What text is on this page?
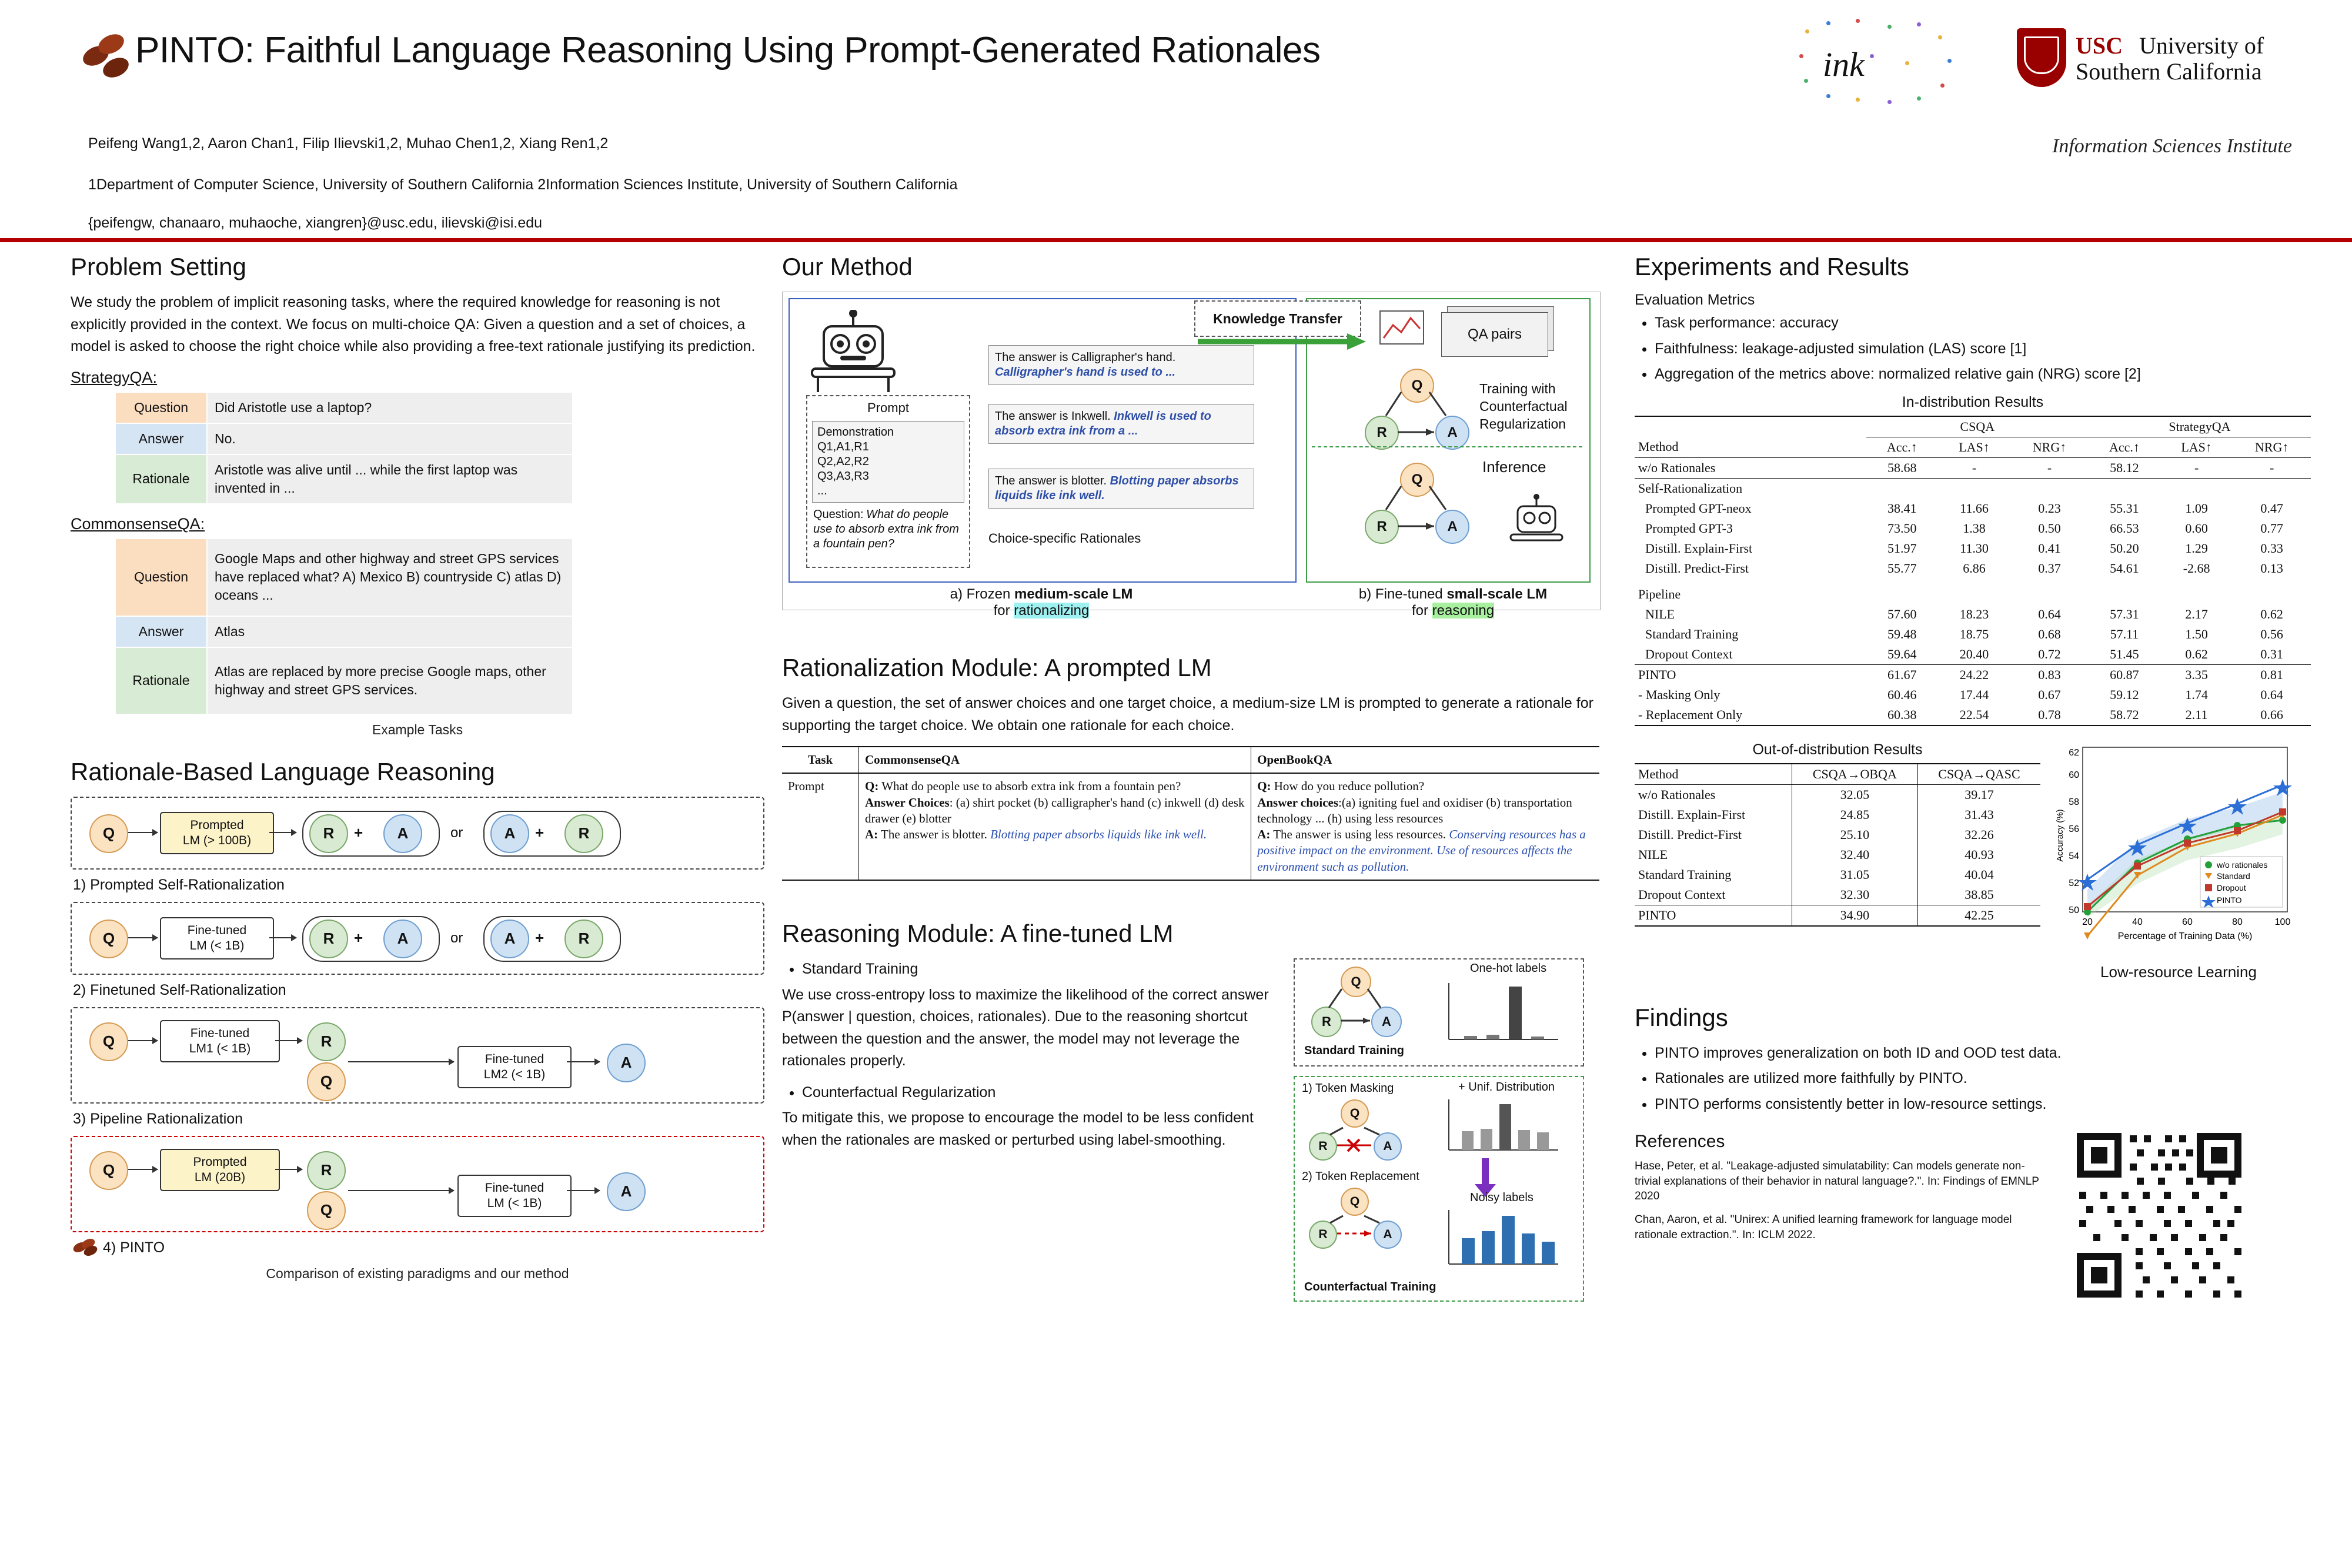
PINTO: Faithful Language Reasoning Using Prompt-Generated Rationales	ink	USC University of
Southern California
Information Sciences Institute
Peifeng Wang1,2, Aaron Chan1, Filip Ilievski1,2, Muhao Chen1,2, Xiang Ren1,2
1Department of Computer Science, University of Southern California 2Information Sciences Institute, University of Southern California
{peifengw, chanaaro, muhaoche, xiangren}@usc.edu, ilievski@isi.edu
Problem Setting

We study the problem of implicit reasoning tasks, where the required knowledge for reasoning is not explicitly provided in the context. We focus on multi-choice QA: Given a question and a set of choices, a model is asked to choose the right choice while also providing a free-text rationale justifying its prediction.

StrategyQA:
Question	Did Aristotle use a laptop?
Answer	No.
Rationale	Aristotle was alive until ... while the first laptop was invented in ...
CommonsenseQA:
Question	Google Maps and other highway and street GPS services have replaced what? A) Mexico B) countryside C) atlas D) oceans ...
Answer	Atlas
Rationale	Atlas are replaced by more precise Google maps, other highway and street GPS services.
Example Tasks
Rationale-Based Language Reasoning
Q	Prompted
LM (> 100B)	R	+	A	or	A	+	R
1) Prompted Self-Rationalization
Q	Fine-tuned
LM (< 1B)	R	+	A	or	A	+	R
2) Finetuned Self-Rationalization
Q	Fine-tuned
LM1 (< 1B)	R
Q
Fine-tuned
LM2 (< 1B)
A
3) Pipeline Rationalization
Q	Prompted
LM (20B)	R
Q
Fine-tuned
LM (< 1B)
A
4) PINTO
Comparison of existing paradigms and our method
Our Method
Prompt
Demonstration
Q1,A1,R1
Q2,A2,R2
Q3,A3,R3
...
Question: What do people use to absorb extra ink from a fountain pen?
The answer is Calligrapher's hand. Calligrapher's hand is used to ...
The answer is Inkwell. Inkwell is used to absorb extra ink from a ...
The answer is blotter. Blotting paper absorbs liquids like ink well.
Choice-specific Rationales
Knowledge Transfer
QA pairs
Q
R	A
Training with
Counterfactual
Regularization
Q
R	A
Inference
a) Frozen medium-scale LM
for rationalizing
b) Fine-tuned small-scale LM
for reasoning
Rationalization Module: A prompted LM

Given a question, the set of answer choices and one target choice, a medium-size LM is prompted to generate a rationale for supporting the target choice. We obtain one rationale for each choice.

Task	CommonsenseQA	OpenBookQA
Prompt	Q: What do people use to absorb extra ink from a fountain pen?
Answer Choices: (a) shirt pocket (b) calligrapher's hand (c) inkwell (d) desk drawer (e) blotter
A: The answer is blotter. Blotting paper absorbs liquids like ink well.	Q: How do you reduce pollution?
Answer choices:(a) igniting fuel and oxidiser (b) transportation technology ... (h) using less resources
A: The answer is using less resources. Conserving resources has a positive impact on the environment. Use of resources affects the environment such as pollution.
Reasoning Module: A fine-tuned LM
• Standard Training

We use cross-entropy loss to maximize the likelihood of the correct answer P(answer | question, choices, rationales). Due to the reasoning shortcut between the question and the answer, the model may not leverage the rationales properly.

• Counterfactual Regularization

To mitigate this, we propose to encourage the model to be less confident when the rationales are masked or perturbed using label-smoothing.

Q
R	A
Standard Training
One-hot labels
1) Token Masking
Q
R	A
2) Token Replacement
Q
R	A
+ Unif. Distribution
Noisy labels
Counterfactual Training
Experiments and Results
Evaluation Metrics
• Task performance: accuracy
• Faithfulness: leakage-adjusted simulation (LAS) score [1]
• Aggregation of the metrics above: normalized relative gain (NRG) score [2]
In-distribution Results
	CSQA			StrategyQA		
Method	Acc.↑	LAS↑	NRG↑	Acc.↑	LAS↑	NRG↑
w/o Rationales	58.68	-	-	58.12	-	-
Self-Rationalization						
Prompted GPT-neox	38.41	11.66	0.23	55.31	1.09	0.47
Prompted GPT-3	73.50	1.38	0.50	66.53	0.60	0.77
Distill. Explain-First	51.97	11.30	0.41	50.20	1.29	0.33
Distill. Predict-First	55.77	6.86	0.37	54.61	-2.68	0.13
Pipeline						
NILE	57.60	18.23	0.64	57.31	2.17	0.62
Standard Training	59.48	18.75	0.68	57.11	1.50	0.56
Dropout Context	59.64	20.40	0.72	51.45	0.62	0.31
PINTO	61.67	24.22	0.83	60.87	3.35	0.81
- Masking Only	60.46	17.44	0.67	59.12	1.74	0.64
- Replacement Only	60.38	22.54	0.78	58.72	2.11	0.66
Out-of-distribution Results
Method	CSQA→OBQA	CSQA→QASC
w/o Rationales	32.05	39.17
Distill. Explain-First	24.85	31.43
Distill. Predict-First	25.10	32.26
NILE	32.40	40.93
Standard Training	31.05	40.04
Dropout Context	32.30	38.85
PINTO	34.90	42.25	50
52
54
56
58
60
62
20	40	60	80	100
Percentage of Training Data (%)
Accuracy (%)
w/o rationales
Standard
Dropout
PINTO
Low-resource Learning
Findings
• PINTO improves generalization on both ID and OOD test data.
• Rationales are utilized more faithfully by PINTO.
• PINTO performs consistently better in low-resource settings.
References
Hase, Peter, et al. "Leakage-adjusted simulatability: Can models generate non-trivial explanations of their behavior in natural language?.". In: Findings of EMNLP 2020
Chan, Aaron, et al. "Unirex: A unified learning framework for language model rationale extraction.". In: ICLM 2022.
